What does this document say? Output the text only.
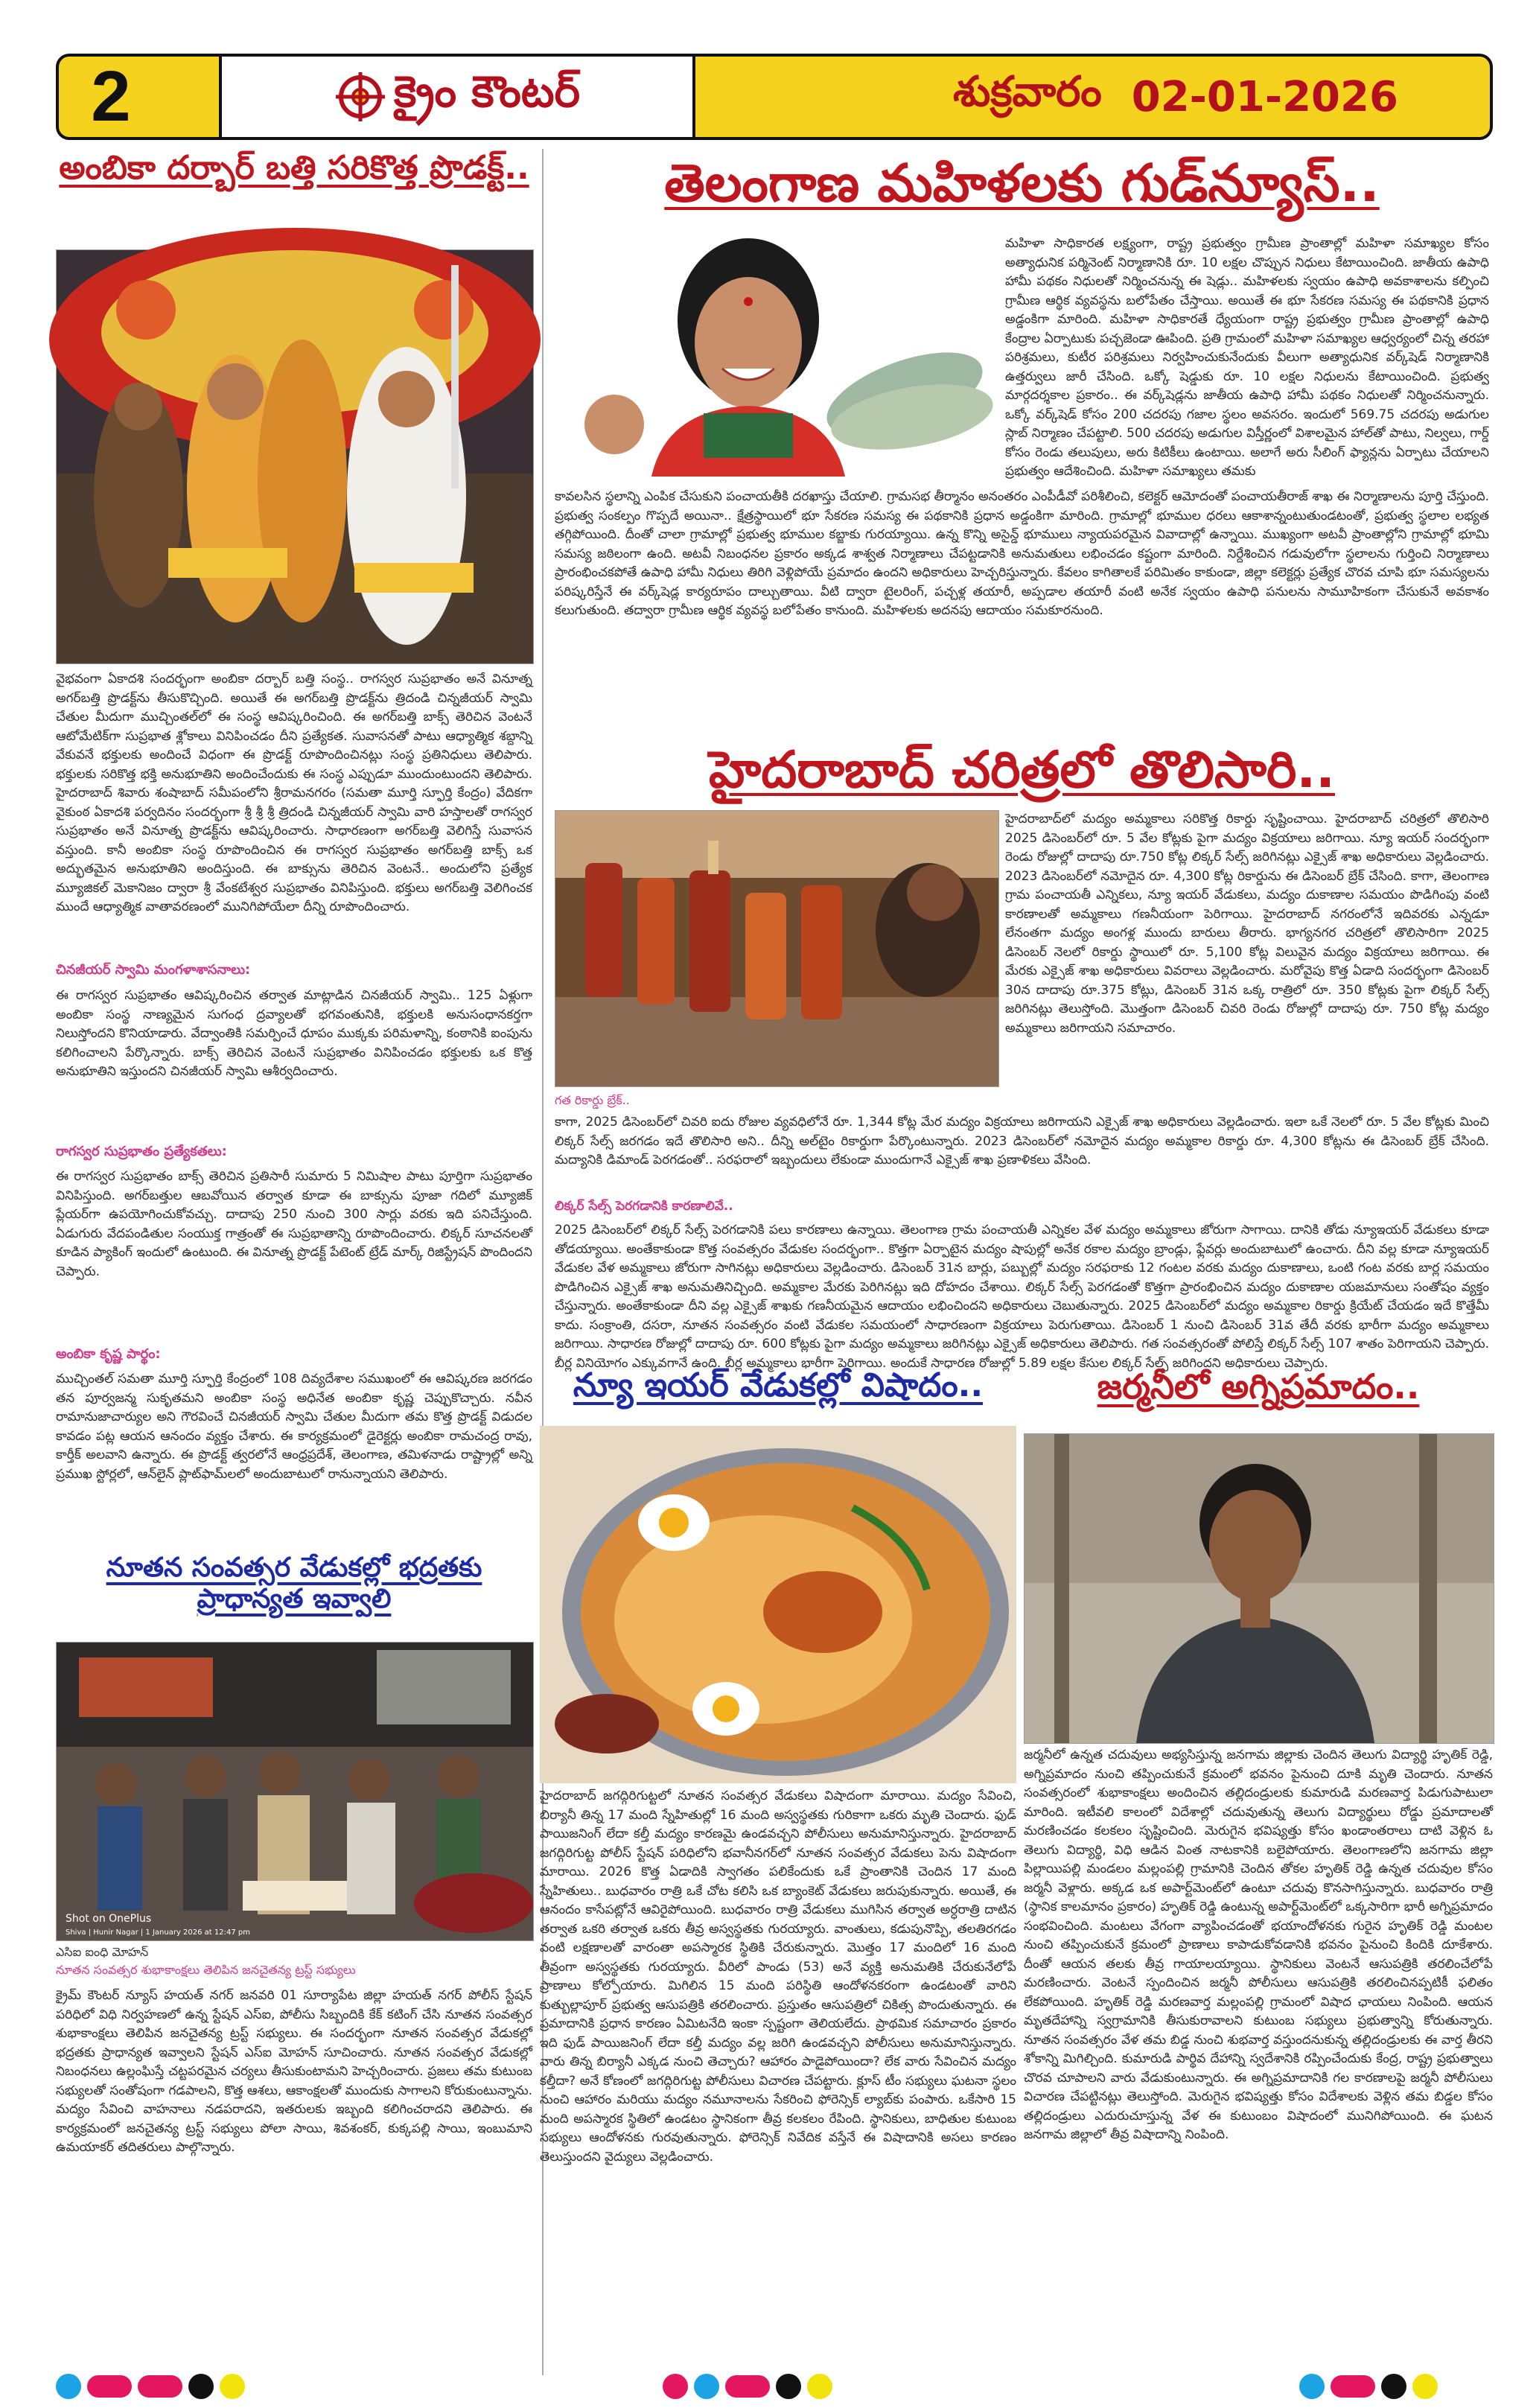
2	క్రైం కౌంటర్	శుక్రవారం 02-01-2026
అంబికా దర్బార్ బత్తి సరికొత్త ప్రొడక్ట్..
వైభవంగా ఏకాదశి సందర్భంగా అంబికా దర్బార్ బత్తి సంస్థ.. రాగస్వర సుప్రభాతం అనే వినూత్న అగర్‌బత్తి ప్రొడక్ట్‌ను తీసుకొచ్చింది. అయితే ఈ అగర్‌బత్తి ప్రొడక్ట్‌ను త్రిదండి చిన్నజీయర్ స్వామి చేతుల మీదుగా ముచ్చింతల్‌లో ఈ సంస్థ ఆవిష్కరించింది. ఈ అగర్‌బత్తి బాక్స్ తెరిచిన వెంటనే ఆటోమేటిక్‌గా సుప్రభాత శ్లోకాలు వినిపించడం దీని ప్రత్యేకత. సువాసనతో పాటు ఆధ్యాత్మిక శబ్దాన్ని వేకువనే భక్తులకు అందించే విధంగా ఈ ప్రొడక్ట్ రూపొందించినట్లు సంస్థ ప్రతినిధులు తెలిపారు. భక్తులకు సరికొత్త భక్తి అనుభూతిని అందించేందుకు ఈ సంస్థ ఎప్పుడూ ముందుంటుందని తెలిపారు. హైదరాబాద్ శివారు శంషాబాద్ సమీపంలోని శ్రీరామనగరం (సమతా మూర్తి స్ఫూర్తి కేంద్రం) వేదికగా వైకుంఠ ఏకాదశి పర్వదినం సందర్భంగా శ్రీ శ్రీ శ్రీ త్రిదండి చిన్నజీయర్ స్వామి వారి హస్తాలతో రాగస్వర సుప్రభాతం అనే వినూత్న ప్రొడక్ట్‌ను ఆవిష్కరించారు. సాధారణంగా అగర్‌బత్తి వెలిగిస్తే సువాసన వస్తుంది. కానీ అంబికా సంస్థ రూపొందించిన ఈ రాగస్వర సుప్రభాతం అగర్‌బత్తి బాక్స్ ఒక అద్భుతమైన అనుభూతిని అందిస్తుంది. ఈ బాక్సును తెరిచిన వెంటనే.. అందులోని ప్రత్యేక మ్యూజికల్ మెకానిజం ద్వారా శ్రీ వేంకటేశ్వర సుప్రభాతం వినిపిస్తుంది. భక్తులు అగర్‌బత్తి వెలిగించక ముందే ఆధ్యాత్మిక వాతావరణంలో మునిగిపోయేలా దీన్ని రూపొందించారు.
చినజీయర్ స్వామి మంగళాశాసనాలు:
ఈ రాగస్వర సుప్రభాతం ఆవిష్కరించిన తర్వాత మాట్లాడిన చినజీయర్ స్వామి.. 125 ఏళ్లుగా అంబికా సంస్థ నాణ్యమైన సుగంధ ద్రవ్యాలతో భగవంతునికి, భక్తులకి అనుసంధానకర్తగా నిలుస్తోందని కొనియాడారు. వేద్వాంతికి సమర్పించే ధూపం ముక్కకు పరిమళాన్ని, కంఠానికి ఐంపును కలిగించాలని పేర్కొన్నారు. బాక్స్ తెరిచిన వెంటనే సుప్రభాతం వినిపించడం భక్తులకు ఒక కొత్త అనుభూతిని ఇస్తుందని చినజీయర్ స్వామి ఆశీర్వదించారు.
రాగస్వర సుప్రభాతం ప్రత్యేకతలు:
ఈ రాగస్వర సుప్రభాతం బాక్స్ తెరిచిన ప్రతిసారీ సుమారు 5 నిమిషాల పాటు పూర్తిగా సుప్రభాతం వినిపిస్తుంది. అగర్‌బత్తుల ఆబవోయిన తర్వాత కూడా ఈ బాక్సును పూజా గదిలో మ్యూజిక్ ప్లేయర్‌గా ఉపయోగించుకోవచ్చు. దాదాపు 250 నుంచి 300 సార్లు వరకు ఇది పనిచేస్తుంది. ఏడుగురు వేదపండితుల సంయుక్త గాత్రంతో ఈ సుప్రభాతాన్ని రూపొందించారు. లిక్కర్ సూచనలతో కూడిన ప్యాకింగ్ ఇందులో ఉంటుంది. ఈ వినూత్న ప్రొడక్ట్ పేటెంట్ ట్రేడ్ మార్క్ రిజిస్ట్రేషన్ పొందిందని చెప్పారు.
అంబికా కృష్ణ పార్థం:
ముచ్చింతల్ సమతా మూర్తి స్ఫూర్తి కేంద్రంలో 108 దివ్యదేశాల సముఖంలో ఈ ఆవిష్కరణ జరగడం తన పూర్వజన్మ సుకృతమని అంబికా సంస్థ అధినేత అంబికా కృష్ణ చెప్పుకొచ్చారు. నవీన రామానుజాచార్యుల అని గౌరవించే చినజీయర్ స్వామి చేతుల మీదుగా తమ కొత్త ప్రొడక్ట్ విడుదల కావడం పట్ల ఆయన ఆనందం వ్యక్తం చేశారు. ఈ కార్యక్రమంలో డైరెక్టర్లు అంబికా రామచంద్ర రావు, కార్తీక్ అలవాని ఉన్నారు. ఈ ప్రొడక్ట్ త్వరలోనే ఆంధ్రప్రదేశ్, తెలంగాణ, తమిళనాడు రాష్ట్రాల్లో అన్ని ప్రముఖ స్టోర్లలో, ఆన్‌లైన్ ప్లాట్‌ఫామ్‌లలో అందుబాటులో రానున్నాయని తెలిపారు.
నూతన సంవత్సర వేడుకల్లో భద్రతకు ప్రాధాన్యత ఇవ్వాలి
Shot on OnePlus
Shiva | Hunir Nagar | 1 January 2026 at 12:47 pm
ఎసిఐ ఐంధి మోహన్
నూతన సంవత్సర శుభాకాంక్షలు తెలిపిన జనచైతన్య ట్రస్ట్ సభ్యులు
క్రైమ్ కౌంటర్ న్యూస్ హయత్ నగర్ జనవరి 01 సూర్యాపేట జిల్లా హయత్ నగర్ పోలీస్ స్టేషన్ పరిధిలో విధి నిర్వహణలో ఉన్న స్టేషన్ ఎస్‌ఐ, పోలీసు సిబ్బందికి కేక్ కటింగ్ చేసి నూతన సంవత్సర శుభాకాంక్షలు తెలిపిన జనచైతన్య ట్రస్ట్ సభ్యులు. ఈ సందర్భంగా నూతన సంవత్సర వేడుకల్లో భద్రతకు ప్రాధాన్యత ఇవ్వాలని స్టేషన్ ఎస్‌ఐ మోహన్ సూచించారు. నూతన సంవత్సర వేడుకల్లో నిబంధనలు ఉల్లంఘిస్తే చట్టపరమైన చర్యలు తీసుకుంటామని హెచ్చరించారు. ప్రజలు తమ కుటుంబ సభ్యులతో సంతోషంగా గడపాలని, కొత్త ఆశలు, ఆకాంక్షలతో ముందుకు సాగాలని కోరుకుంటున్నాను. మద్యం సేవించి వాహనాలు నడపరాదని, ఇతరులకు ఇబ్బంది కలిగించరాదని తెలిపారు. ఈ కార్యక్రమంలో జనచైతన్య ట్రస్ట్ సభ్యులు పోలా సాయి, శివశంకర్, కుక్కపల్లి సాయి, ఇంబుమాని ఉమయాకర్ తదితరులు పాల్గొన్నారు.
తెలంగాణ మహిళలకు గుడ్‌న్యూస్..
మహిళా సాధికారత లక్ష్యంగా, రాష్ట్ర ప్రభుత్వం గ్రామీణ ప్రాంతాల్లో మహిళా సమాఖ్యల కోసం అత్యాధునిక పర్మినెంట్ నిర్మాణానికి రూ. 10 లక్షల చొప్పున నిధులు కేటాయించింది. జాతీయ ఉపాధి హామీ పథకం నిధులతో నిర్మించనున్న ఈ షెడ్లు.. మహిళలకు స్వయం ఉపాధి అవకాశాలను కల్పించి గ్రామీణ ఆర్థిక వ్యవస్థను బలోపేతం చేస్తాయి. అయితే ఈ భూ సేకరణ సమస్య ఈ పథకానికి ప్రధాన అడ్డంకిగా మారింది. మహిళా సాధికారతే ధ్యేయంగా రాష్ట్ర ప్రభుత్వం గ్రామీణ ప్రాంతాల్లో ఉపాధి కేంద్రాల ఏర్పాటుకు పచ్చజెండా ఊపింది. ప్రతి గ్రామంలో మహిళా సమాఖ్యల ఆధ్వర్యంలో చిన్న తరహా పరిశ్రమలు, కుటీర పరిశ్రమలు నిర్వహించుకునేందుకు వీలుగా అత్యాధునిక వర్క్‌షెడ్ నిర్మాణానికి ఉత్తర్వులు జారీ చేసింది. ఒక్కో షెడ్డుకు రూ. 10 లక్షల నిధులను కేటాయించింది. ప్రభుత్వ మార్గదర్శకాల ప్రకారం.. ఈ వర్క్‌షెడ్లను జాతీయ ఉపాధి హామీ పథకం నిధులతో నిర్మించనున్నారు. ఒక్కో వర్క్‌షెడ్ కోసం 200 చదరపు గజాల స్థలం అవసరం. ఇందులో 569.75 చదరపు అడుగుల స్లాబ్ నిర్మాణం చేపట్టాలి. 500 చదరపు అడుగుల విస్తీర్ణంలో విశాలమైన హాల్‌తో పాటు, నిల్వలు, గార్డ్ కోసం రెండు తలుపులు, అరు కిటికీలు ఉంటాయి. అలాగే అరు సీలింగ్ ఫ్యాన్లను ఏర్పాటు చేయాలని ప్రభుత్వం ఆదేశించింది. మహిళా సమాఖ్యలు తమకు
కావలసిన స్థలాన్ని ఎంపిక చేసుకుని పంచాయతీకి దరఖాస్తు చేయాలి. గ్రామసభ తీర్మానం అనంతరం ఎంపీడీవో పరిశీలించి, కలెక్టర్ ఆమోదంతో పంచాయతీరాజ్ శాఖ ఈ నిర్మాణాలను పూర్తి చేస్తుంది. ప్రభుత్వ సంకల్పం గొప్పదే అయినా.. క్షేత్రస్థాయిలో భూ సేకరణ సమస్య ఈ పథకానికి ప్రధాన అడ్డంకిగా మారింది. గ్రామాల్లో భూముల ధరలు ఆకాశాన్నంటుతుండటంతో, ప్రభుత్వ స్థలాల లభ్యత తగ్గిపోయింది. దీంతో చాలా గ్రామాల్లో ప్రభుత్వ భూముల కబ్జాకు గురయ్యాయి. ఉన్న కొన్ని అసైన్డ్ భూములు న్యాయపరమైన వివాదాల్లో ఉన్నాయి. ముఖ్యంగా అటవీ ప్రాంతాల్లోని గ్రామాల్లో భూమి సమస్య జఠిలంగా ఉంది. అటవీ నిబంధనల ప్రకారం అక్కడ శాశ్వత నిర్మాణాలు చేపట్టడానికి అనుమతులు లభించడం కష్టంగా మారింది. నిర్దేశించిన గడువులోగా స్థలాలను గుర్తించి నిర్మాణాలు ప్రారంభించకపోతే ఉపాధి హామీ నిధులు తిరిగి వెళ్లిపోయే ప్రమాదం ఉందని అధికారులు హెచ్చరిస్తున్నారు. కేవలం కాగితాలకే పరిమితం కాకుండా, జిల్లా కలెక్టర్లు ప్రత్యేక చొరవ చూపి భూ సమస్యలను పరిష్కరిస్తేనే ఈ వర్క్‌షెడ్ల కార్యరూపం దాల్చుతాయి. వీటి ద్వారా టైలరింగ్, పచ్చళ్ల తయారీ, అప్పడాల తయారీ వంటి అనేక స్వయం ఉపాధి పనులను సామూహికంగా చేసుకునే అవకాశం కలుగుతుంది. తద్వారా గ్రామీణ ఆర్థిక వ్యవస్థ బలోపేతం కానుంది. మహిళలకు అదనపు ఆదాయం సమకూరనుంది.
హైదరాబాద్ చరిత్రలో తొలిసారి..
హైదరాబాద్‌లో మద్యం అమ్మకాలు సరికొత్త రికార్డు సృష్టించాయి. హైదరాబాద్ చరిత్రలో తొలిసారి 2025 డిసెంబర్‌లో రూ. 5 వేల కోట్లకు పైగా మద్యం విక్రయాలు జరిగాయి. న్యూ ఇయర్ సందర్భంగా రెండు రోజుల్లో దాదాపు రూ.750 కోట్ల లిక్కర్ సేల్స్ జరిగినట్లు ఎక్సైజ్ శాఖ అధికారులు వెల్లడించారు. 2023 డిసెంబర్‌లో నమోదైన రూ. 4,300 కోట్ల రికార్డును ఈ డిసెంబర్ బ్రేక్ చేసింది. కాగా, తెలంగాణ గ్రామ పంచాయతీ ఎన్నికలు, న్యూ ఇయర్ వేడుకలు, మద్యం దుకాణాల సమయం పొడిగింపు వంటి కారణాలతో అమ్మకాలు గణనీయంగా పెరిగాయి. హైదరాబాద్ నగరంలోనే ఇదివరకు ఎన్నడూ లేనంతగా మద్యం అంగళ్ల ముందు బారులు తీరారు. భాగ్యనగర చరిత్రలో తొలిసారిగా 2025 డిసెంబర్ నెలలో రికార్డు స్థాయిలో రూ. 5,100 కోట్ల విలువైన మద్యం విక్రయాలు జరిగాయి. ఈ మేరకు ఎక్సైజ్ శాఖ అధికారులు వివరాలు వెల్లడించారు. మరోవైపు కొత్త ఏడాది సందర్భంగా డిసెంబర్ 30న దాదాపు రూ.375 కోట్లు, డిసెంబర్ 31న ఒక్క రాత్రిలో రూ. 350 కోట్లకు పైగా లిక్కర్ సేల్స్ జరిగినట్లు తెలుస్తోంది. మొత్తంగా డిసెంబర్ చివరి రెండు రోజుల్లో దాదాపు రూ. 750 కోట్ల మద్యం అమ్మకాలు జరిగాయని సమాచారం.
గత రికార్డు బ్రేక్..
కాగా, 2025 డిసెంబర్‌లో చివరి ఐదు రోజుల వ్యవధిలోనే రూ. 1,344 కోట్ల మేర మద్యం విక్రయాలు జరిగాయని ఎక్సైజ్ శాఖ అధికారులు వెల్లడించారు. ఇలా ఒకే నెలలో రూ. 5 వేల కోట్లకు మించి లిక్కర్ సేల్స్ జరగడం ఇదే తొలిసారి అని.. దీన్ని అల్‌టైం రికార్డుగా పేర్కొంటున్నారు. 2023 డిసెంబర్‌లో నమోదైన మద్యం అమ్మకాల రికార్డు రూ. 4,300 కోట్లను ఈ డిసెంబర్ బ్రేక్ చేసింది. మద్యానికి డిమాండ్ పెరగడంతో.. సరఫరాలో ఇబ్బందులు లేకుండా ముందుగానే ఎక్సైజ్ శాఖ ప్రణాళికలు వేసింది.
లిక్కర్ సేల్స్ పెరగడానికి కారణాలివే..
2025 డిసెంబర్‌లో లిక్కర్ సేల్స్ పెరగడానికి పలు కారణాలు ఉన్నాయి. తెలంగాణ గ్రామ పంచాయతీ ఎన్నికల వేళ మద్యం అమ్మకాలు జోరుగా సాగాయి. దానికి తోడు న్యూఇయర్ వేడుకలు కూడా తోడయ్యాయి. అంతేకాకుండా కొత్త సంవత్సరం వేడుకల సందర్భంగా.. కొత్తగా ఏర్పాటైన మద్యం షాపుల్లో అనేక రకాల మద్యం బ్రాండ్లు, ఫ్లేవర్లు అందుబాటులో ఉంచారు. దీని వల్ల కూడా న్యూఇయర్ వేడుకల వేళ అమ్మకాలు జోరుగా సాగినట్లు అధికారులు వెల్లడించారు. డిసెంబర్ 31న బార్లు, పబ్బుల్లో మద్యం సరఫరాకు 12 గంటల వరకు మద్యం దుకాణాలు, ఒంటి గంట వరకు బార్ల సమయం పొడిగించిన ఎక్సైజ్ శాఖ అనుమతినిచ్చింది. అమ్మకాల మేరకు పెరిగినట్లు ఇది దోహదం చేశాయి. లిక్కర్ సేల్స్ పెరగడంతో కొత్తగా ప్రారంభించిన మద్యం దుకాణాల యజమానులు సంతోషం వ్యక్తం చేస్తున్నారు. అంతేకాకుండా దీని వల్ల ఎక్సైజ్ శాఖకు గణనీయమైన ఆదాయం లభించిందని అధికారులు చెబుతున్నారు. 2025 డిసెంబర్‌లో మద్యం అమ్మకాల రికార్డు క్రియేట్ చేయడం ఇదే కొత్తేమీ కాదు. సంక్రాంతి, దసరా, నూతన సంవత్సరం వంటి వేడుకల సమయంలో సాధారణంగా విక్రయాలు పెరుగుతాయి. డిసెంబర్ 1 నుంచి డిసెంబర్ 31వ తేదీ వరకు భారీగా మద్యం అమ్మకాలు జరిగాయి. సాధారణ రోజుల్లో దాదాపు రూ. 600 కోట్లకు పైగా మద్యం అమ్మకాలు జరిగినట్లు ఎక్సైజ్ అధికారులు తెలిపారు. గత సంవత్సరంతో పోలిస్తే లిక్కర్ సేల్స్ 107 శాతం పెరిగాయని చెప్పారు. బీర్ల వినియోగం ఎక్కువగానే ఉంది. బీర్ల అమ్మకాలు భారీగా పెరిగాయి. అందుకే సాధారణ రోజుల్లో 5.89 లక్షల కేసుల లిక్కర్ సేల్స్ జరిగిందని అధికారులు చెప్పారు.
న్యూ ఇయర్ వేడుకల్లో విషాదం..
హైదరాబాద్ జగద్గిరిగుట్టలో నూతన సంవత్సర వేడుకలు విషాదంగా మారాయి. మద్యం సేవించి, బిర్యానీ తిన్న 17 మంది స్నేహితుల్లో 16 మంది అస్వస్థతకు గురికాగా ఒకరు మృతి చెందారు. ఫుడ్ పాయిజనింగ్ లేదా కల్తీ మద్యం కారణమై ఉండవచ్చని పోలీసులు అనుమానిస్తున్నారు. హైదరాబాద్ జగద్గిరిగుట్ట పోలీస్ స్టేషన్ పరిధిలోని భవానీనగర్‌లో నూతన సంవత్సర వేడుకలు పెను విషాదంగా మారాయి. 2026 కొత్త ఏడాదికి స్వాగతం పలికేందుకు ఒకే ప్రాంతానికి చెందిన 17 మంది స్నేహితులు.. బుధవారం రాత్రి ఒకే చోట కలిసి ఒక బ్యాంకెట్ వేడుకలు జరుపుకున్నారు. అయితే, ఈ ఆనందం కాసేపట్లోనే ఆవిరైపోయింది. బుధవారం రాత్రి వేడుకలు ముగిసిన తర్వాత అర్ధరాత్రి దాటిన తర్వాత ఒకరి తర్వాత ఒకరు తీవ్ర అస్వస్థతకు గురయ్యారు. వాంతులు, కడుపునొప్పి, తలతిరగడం వంటి లక్షణాలతో వారంతా అపస్మారక స్థితికి చేరుకున్నారు. మొత్తం 17 మందిలో 16 మంది తీవ్రంగా అస్వస్థతకు గురయ్యారు. వీరిలో పాండు (53) అనే వ్యక్తి అనుమతికి చేరుకునేలోపే ప్రాణాలు కోల్పోయారు. మిగిలిన 15 మంది పరిస్థితి ఆందోళనకరంగా ఉండటంతో వారిని కుత్బుల్లాపూర్ ప్రభుత్వ ఆసుపత్రికి తరలించారు. ప్రస్తుతం ఆసుపత్రిలో చికిత్స పొందుతున్నారు. ఈ ప్రమాదానికి ప్రధాన కారణం ఏమిటనేది ఇంకా స్పష్టంగా తెలియలేదు. ప్రాథమిక సమాచారం ప్రకారం ఇది ఫుడ్ పాయిజనింగ్ లేదా కల్తీ మద్యం వల్ల జరిగి ఉండవచ్చని పోలీసులు అనుమానిస్తున్నారు. వారు తిన్న బిర్యానీ ఎక్కడ నుంచి తెచ్చారు? ఆహారం పాడైపోయిందా? లేక వారు సేవించిన మద్యం కల్తీదా? అనే కోణంలో జగద్గిరిగుట్ట పోలీసులు విచారణ చేపట్టారు. క్లూస్ టీం సభ్యులు ఘటనా స్థలం నుంచి ఆహారం మరియు మద్యం నమూనాలను సేకరించి ఫోరెన్సిక్ ల్యాబ్‌కు పంపారు. ఒకేసారి 15 మంది అపస్మారక స్థితిలో ఉండటం స్థానికంగా తీవ్ర కలకలం రేపింది. స్థానికులు, బాధితుల కుటుంబ సభ్యులు ఆందోళనకు గురవుతున్నారు. ఫోరెన్సిక్ నివేదిక వస్తేనే ఈ విషాదానికి అసలు కారణం తెలుస్తుందని వైద్యులు వెల్లడించారు.
జర్మనీలో అగ్నిప్రమాదం..
జర్మనీలో ఉన్నత చదువులు అభ్యసిస్తున్న జనగామ జిల్లాకు చెందిన తెలుగు విద్యార్థి హృతిక్ రెడ్డి, అగ్నిప్రమాదం నుంచి తప్పించుకునే క్రమంలో భవనం పైనుంచి దూకి మృతి చెందారు. నూతన సంవత్సరంలో శుభాకాంక్షలు అందించిన తల్లిదండ్రులకు కుమారుడి మరణవార్త పిడుగుపాటులా మారింది. ఇటీవలి కాలంలో విదేశాల్లో చదువుతున్న తెలుగు విద్యార్థులు రోడ్డు ప్రమాదాలతో మరణించడం కలకలం సృష్టించింది. మెరుగైన భవిష్యత్తు కోసం ఖండాంతరాలు దాటి వెళ్లిన ఓ తెలుగు విద్యార్థి, విధి ఆడిన వింత నాటకానికి బలైపోయారు. తెలంగాణలోని జనగామ జిల్లా పిల్లాయిపల్లి మండలం మల్లంపల్లి గ్రామానికి చెందిన తోకల హృతిక్ రెడ్డి ఉన్నత చదువుల కోసం జర్మనీ వెళ్లారు. అక్కడ ఒక అపార్ట్‌మెంట్‌లో ఉంటూ చదువు కొనసాగిస్తున్నారు. బుధవారం రాత్రి (స్థానిక కాలమానం ప్రకారం) హృతిక్ రెడ్డి ఉంటున్న అపార్ట్‌మెంట్‌లో ఒక్కసారిగా భారీ అగ్నిప్రమాదం సంభవించింది. మంటలు వేగంగా వ్యాపించడంతో భయాందోళనకు గురైన హృతిక్ రెడ్డి మంటల నుంచి తప్పించుకునే క్రమంలో ప్రాణాలు కాపాడుకోవడానికి భవనం పైనుంచి కిందికి దూకేశారు. దీంతో ఆయన తలకు తీవ్ర గాయాలయ్యాయి. స్థానికులు వెంటనే ఆసుపత్రికి తరలించేలోపే మరణించారు. వెంటనే స్పందించిన జర్మనీ పోలీసులు ఆసుపత్రికి తరలించినప్పటికీ ఫలితం లేకపోయింది. హృతిక్ రెడ్డి మరణవార్త మల్లంపల్లి గ్రామంలో విషాద ఛాయలు నింపింది. ఆయన మృతదేహాన్ని స్వగ్రామానికి తీసుకురావాలని కుటుంబ సభ్యులు ప్రభుత్వాన్ని కోరుతున్నారు. నూతన సంవత్సరం వేళ తమ బిడ్డ నుంచి శుభవార్త వస్తుందనుకున్న తల్లిదండ్రులకు ఈ వార్త తీరని శోకాన్ని మిగిల్చింది. కుమారుడి పార్థివ దేహాన్ని స్వదేశానికి రప్పించేందుకు కేంద్ర, రాష్ట్ర ప్రభుత్వాలు చొరవ చూపాలని వారు వేడుకుంటున్నారు. ఈ అగ్నిప్రమాదానికి గల కారణాలపై జర్మనీ పోలీసులు విచారణ చేపట్టినట్లు తెలుస్తోంది. మెరుగైన భవిష్యత్తు కోసం విదేశాలకు వెళ్లిన తమ బిడ్డల కోసం తల్లిదండ్రులు ఎదురుచూస్తున్న వేళ ఈ కుటుంబం విషాదంలో మునిగిపోయింది. ఈ ఘటన జనగామ జిల్లాలో తీవ్ర విషాదాన్ని నింపింది.
